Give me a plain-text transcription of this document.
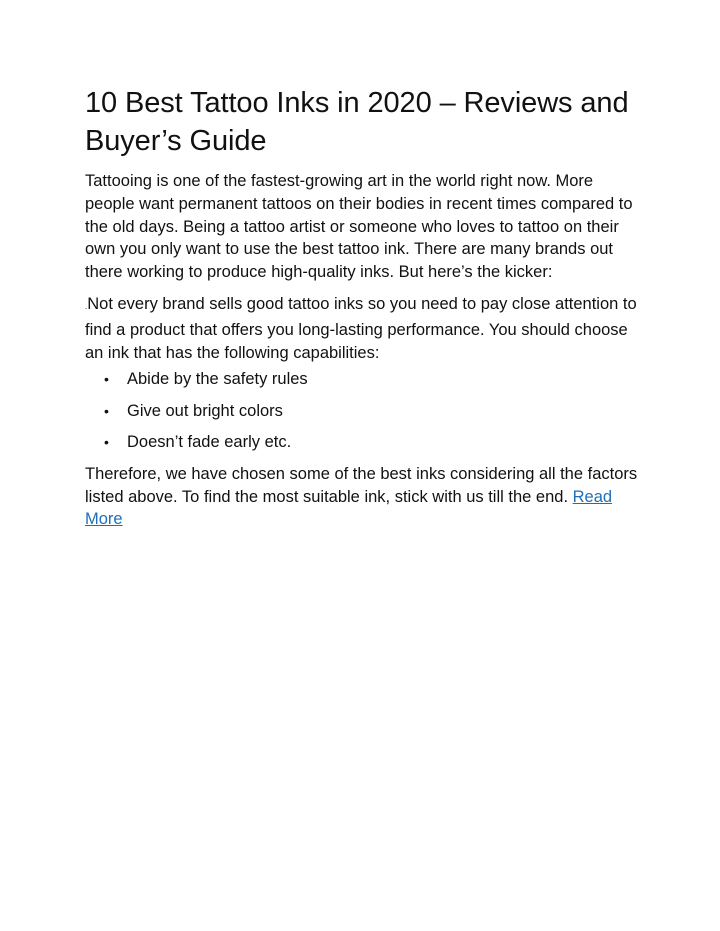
10 Best Tattoo Inks in 2020 – Reviews and Buyer’s Guide

Tattooing is one of the fastest-growing art in the world right now. More people want permanent tattoos on their bodies in recent times compared to the old days. Being a tattoo artist or someone who loves to tattoo on their own you only want to use the best tattoo ink. There are many brands out there working to produce high-quality inks. But here’s the kicker:

.Not every brand sells good tattoo inks so you need to pay close attention to find a product that offers you long-lasting performance. You should choose an ink that has the following capabilities:

• Abide by the safety rules
• Give out bright colors
• Doesn’t fade early etc.

Therefore, we have chosen some of the best inks considering all the factors listed above. To find the most suitable ink, stick with us till the end. Read More
